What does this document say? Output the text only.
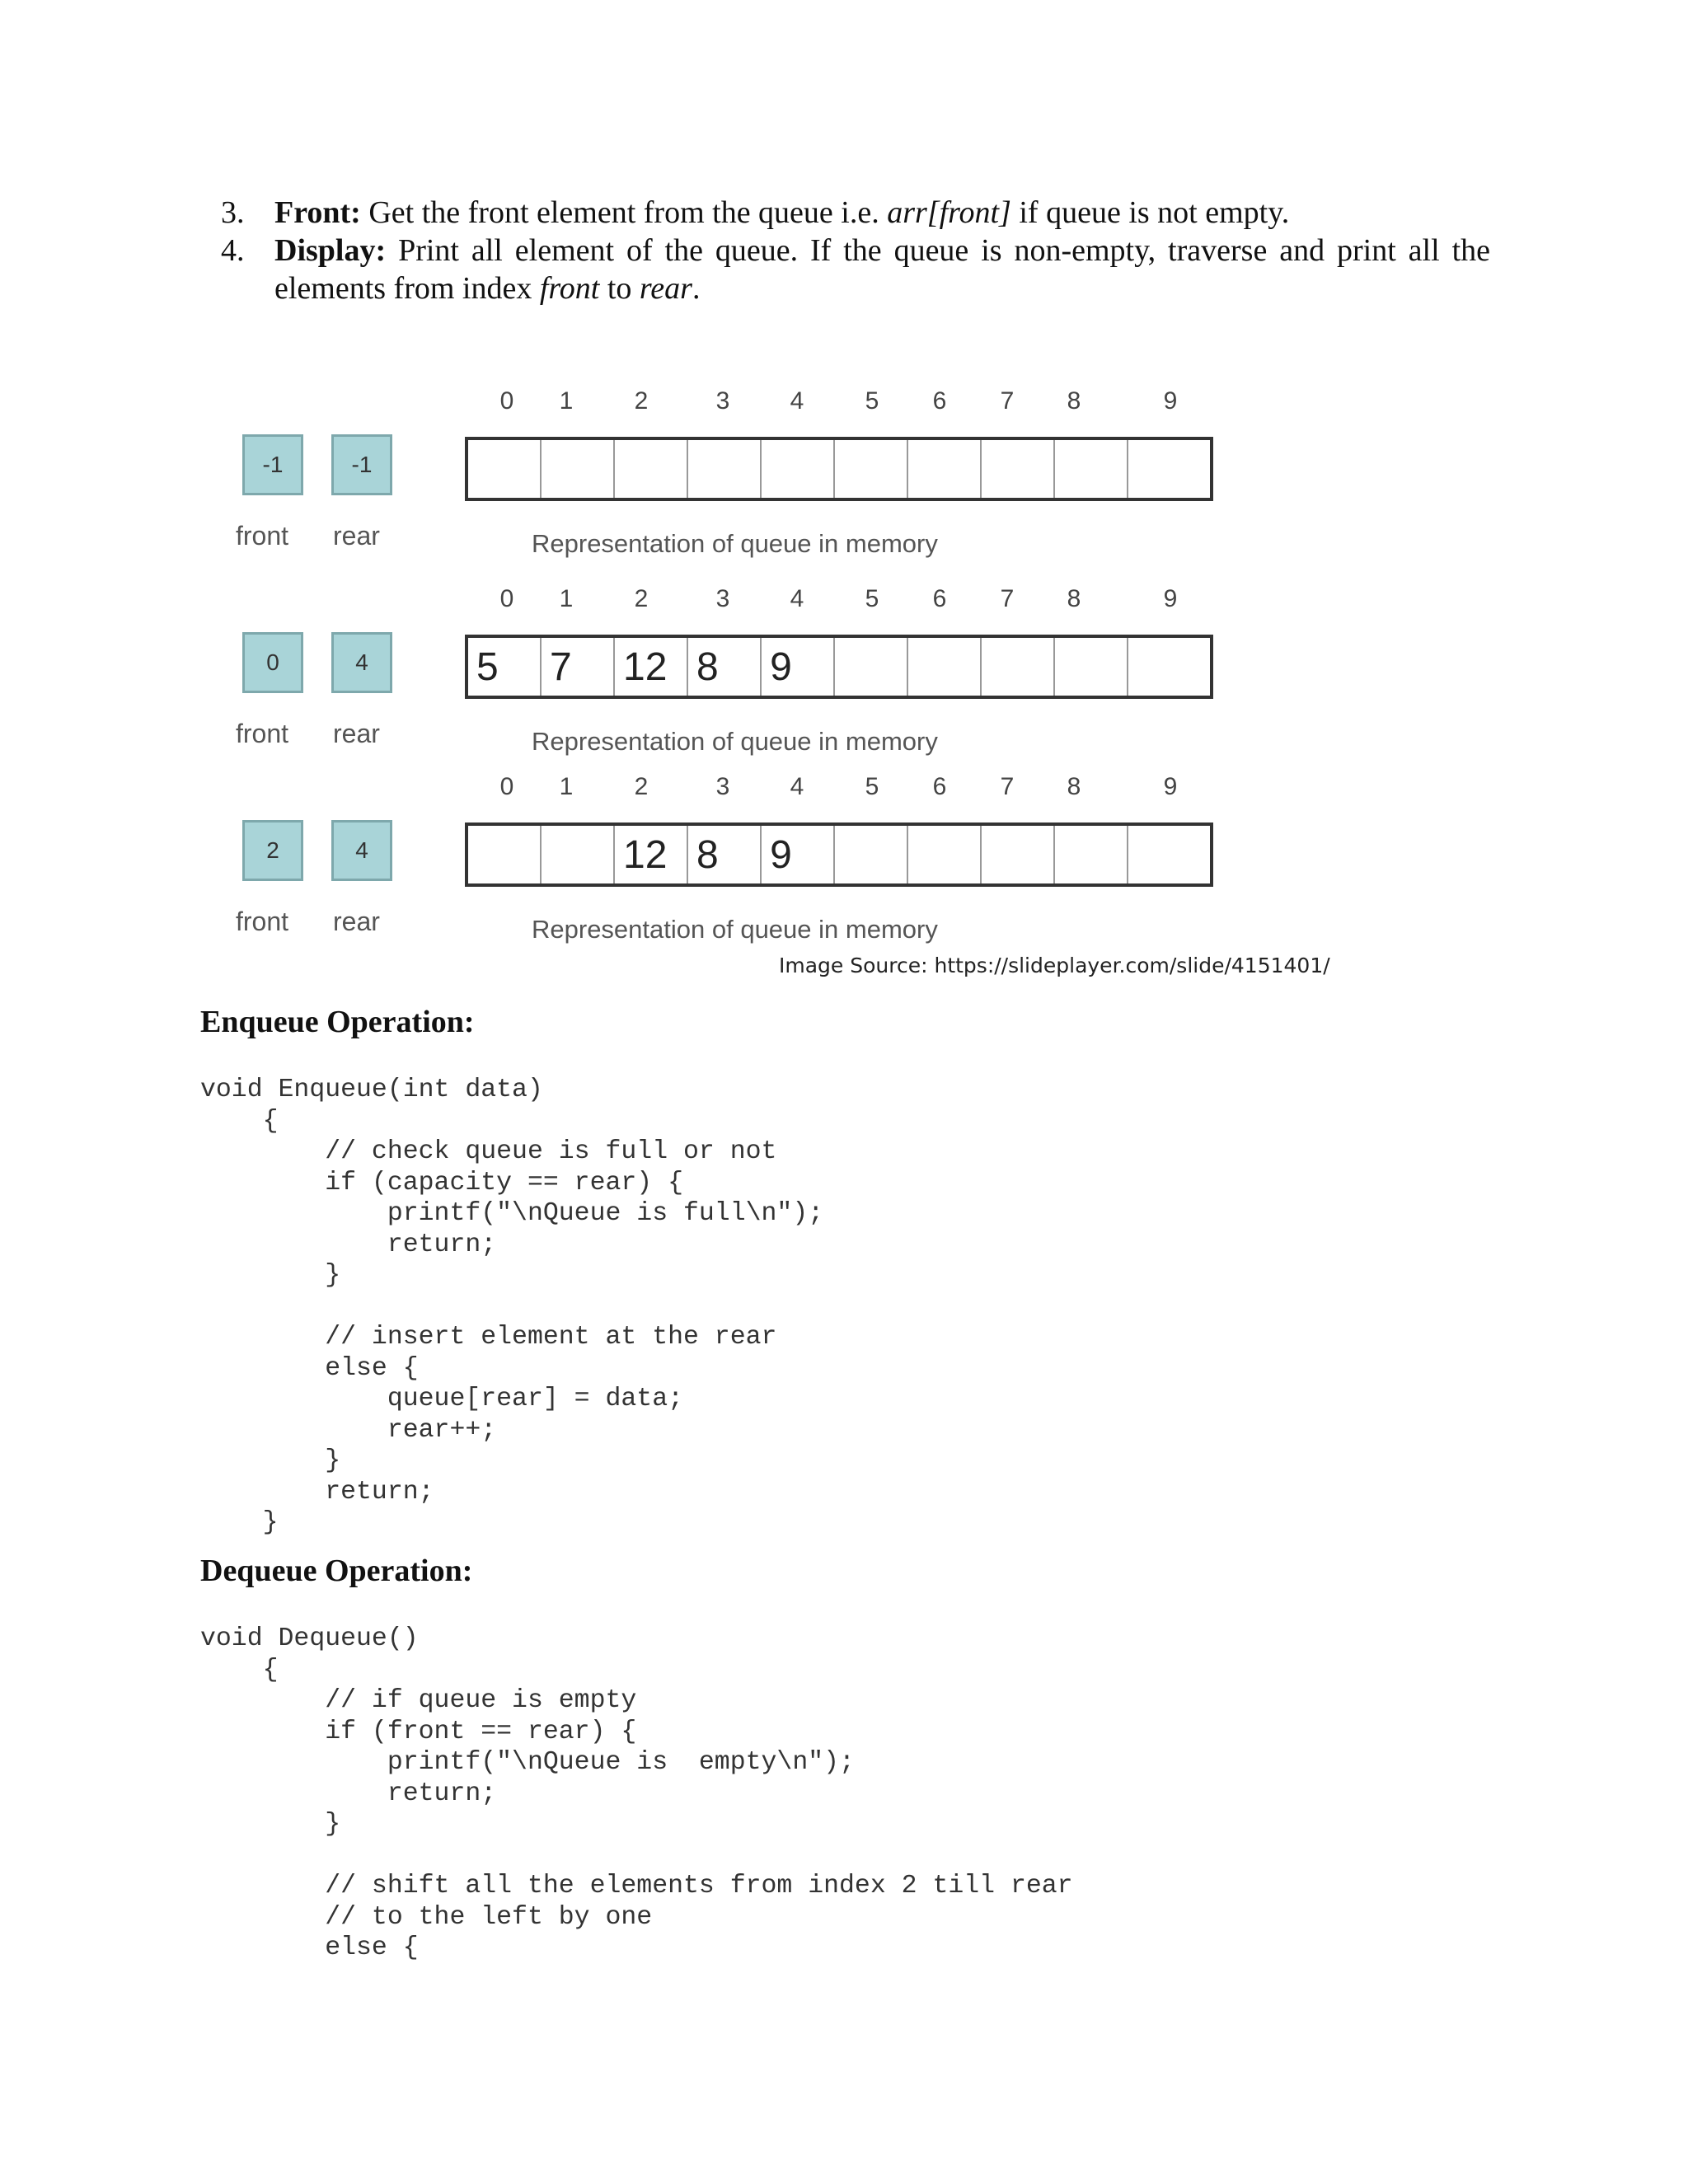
3. Front: Get the front element from the queue i.e. arr[front] if queue is not empty.
4. Display: Print all element of the queue. If the queue is non-empty, traverse and print all the elements from index front to rear.
0	1	2	3	4	5	6	7	8	9
-1	-1
front rear	Representation of queue in memory
0	1	2	3	4	5	6	7	8	9
0	4
front rear
5	7	12 8	9
Representation of queue in memory
0	1	2	3	4	5	6	7	8	9
2	4
front rear
12 8	9
Representation of queue in memory
Image Source: https://slideplayer.com/slide/4151401/
Enqueue Operation:
void Enqueue(int data)
{
// check queue is full or not
if (capacity == rear) {
printf("\nQueue is full\n");
return;
}

// insert element at the rear
else {
queue[rear] = data;
rear++;
}
return;
}
Dequeue Operation:
void Dequeue()
{
// if queue is empty
if (front == rear) {
printf("\nQueue is  empty\n");
return;
}

// shift all the elements from index 2 till rear
// to the left by one
else {
